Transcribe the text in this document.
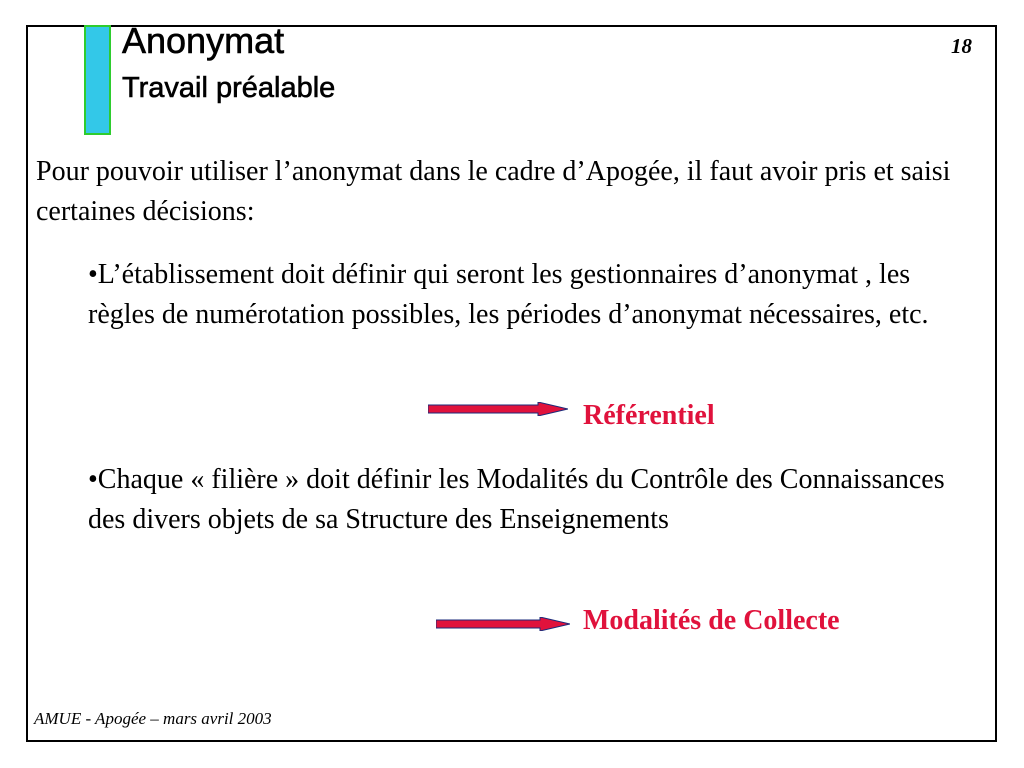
Anonymat
Travail préalable
18
Pour pouvoir utiliser l’anonymat dans le cadre d’Apogée, il faut avoir pris et saisi certaines décisions:
•L’établissement doit définir qui seront les gestionnaires d’anonymat , les règles de numérotation possibles, les périodes d’anonymat nécessaires, etc.
Référentiel
•Chaque « filière » doit définir les Modalités du Contrôle des Connaissances des divers objets de sa Structure des Enseignements
Modalités de Collecte
AMUE - Apogée – mars avril 2003
